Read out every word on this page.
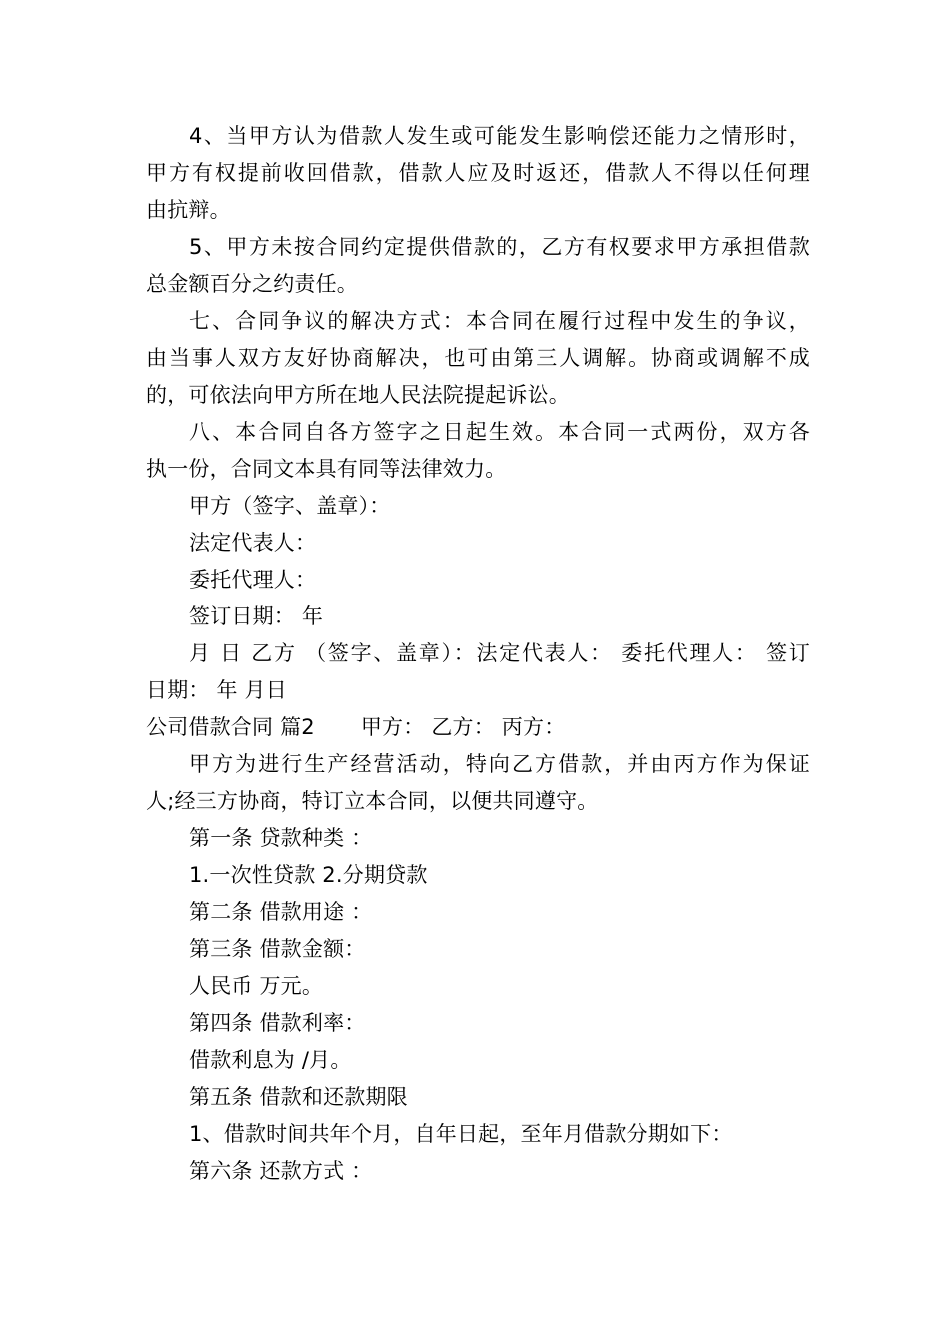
4、当甲方认为借款人发生或可能发生影响偿还能力之情形时，
甲方有权提前收回借款，借款人应及时返还，借款人不得以任何理
由抗辩。
5、甲方未按合同约定提供借款的，乙方有权要求甲方承担借款
总金额百分之约责任。
七、合同争议的解决方式：本合同在履行过程中发生的争议，
由当事人双方友好协商解决，也可由第三人调解。协商或调解不成
的，可依法向甲方所在地人民法院提起诉讼。
八、本合同自各方签字之日起生效。本合同一式两份，双方各
执一份，合同文本具有同等法律效力。
甲方（签字、盖章）：
法定代表人：
委托代理人：
签订日期： 年
月 日 乙方 （签字、盖章）：法定代表人： 委托代理人： 签订
日期： 年 月日
公司借款合同 篇2 甲方： 乙方： 丙方：
甲方为进行生产经营活动，特向乙方借款，并由丙方作为保证
人;经三方协商，特订立本合同，以便共同遵守。
第一条 贷款种类 ：
1.一次性贷款 2.分期贷款
第二条 借款用途 ：
第三条 借款金额：
人民币 万元。
第四条 借款利率：
借款利息为 /月。
第五条 借款和还款期限
1、借款时间共年个月，自年日起，至年月借款分期如下：
第六条 还款方式 ：
